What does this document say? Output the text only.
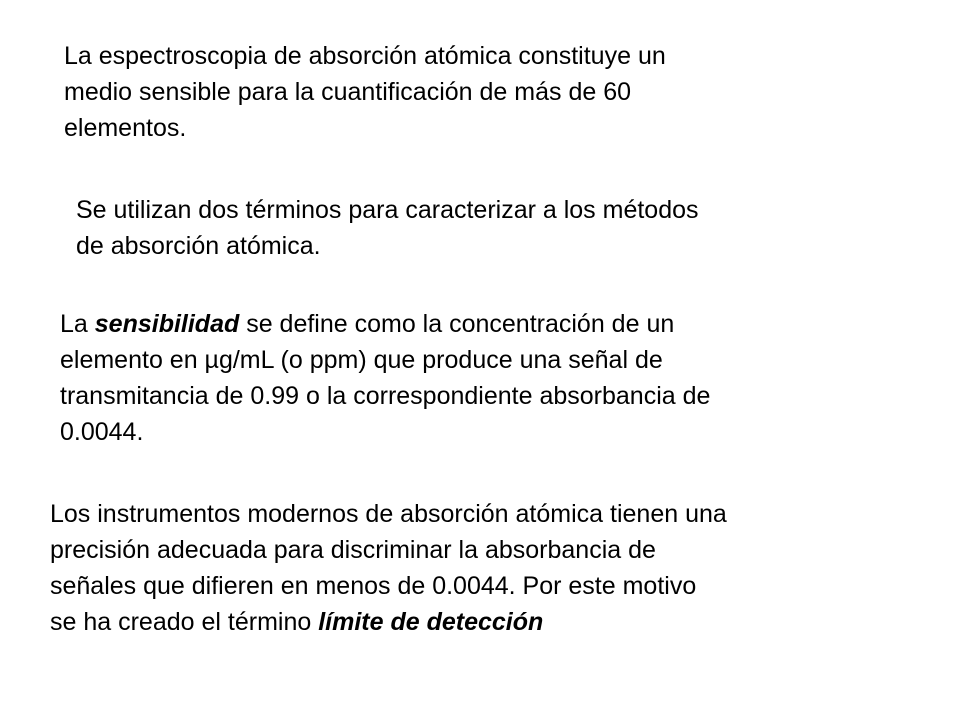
La espectroscopia de absorción atómica constituye un
medio sensible para la cuantificación de más de 60
elementos.

Se utilizan dos términos para caracterizar a los métodos
de absorción atómica.

La sensibilidad se define como la concentración de un
elemento en µg/mL (o ppm) que produce una señal de
transmitancia de 0.99 o la correspondiente absorbancia de
0.0044.

Los instrumentos modernos de absorción atómica tienen una
precisión adecuada para discriminar la absorbancia de
señales que difieren en menos de 0.0044. Por este motivo
se ha creado el término límite de detección
